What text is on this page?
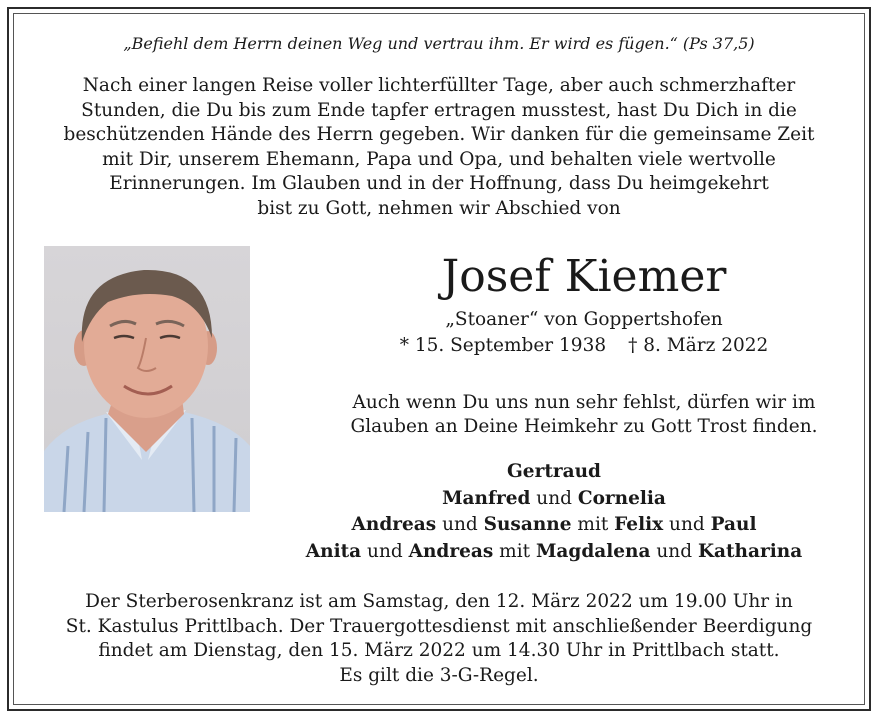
„Befiehl dem Herrn deinen Weg und vertrau ihm. Er wird es fügen.“ (Ps 37,5)
Nach einer langen Reise voller lichterfüllter Tage, aber auch schmerzhafter
Stunden, die Du bis zum Ende tapfer ertragen musstest, hast Du Dich in die
beschützenden Hände des Herrn gegeben. Wir danken für die gemeinsame Zeit
mit Dir, unserem Ehemann, Papa und Opa, und behalten viele wertvolle
Erinnerungen. Im Glauben und in der Hoffnung, dass Du heimgekehrt
bist zu Gott, nehmen wir Abschied von
Josef Kiemer
„Stoaner“ von Goppertshofen
* 15. September 1938 † 8. März 2022
Auch wenn Du uns nun sehr fehlst, dürfen wir im
Glauben an Deine Heimkehr zu Gott Trost finden.
Gertraud
Manfred und Cornelia
Andreas und Susanne mit Felix und Paul
Anita und Andreas mit Magdalena und Katharina
Der Sterberosenkranz ist am Samstag, den 12. März 2022 um 19.00 Uhr in
St. Kastulus Prittlbach. Der Trauergottesdienst mit anschließender Beerdigung
findet am Dienstag, den 15. März 2022 um 14.30 Uhr in Prittlbach statt.
Es gilt die 3-G-Regel.
